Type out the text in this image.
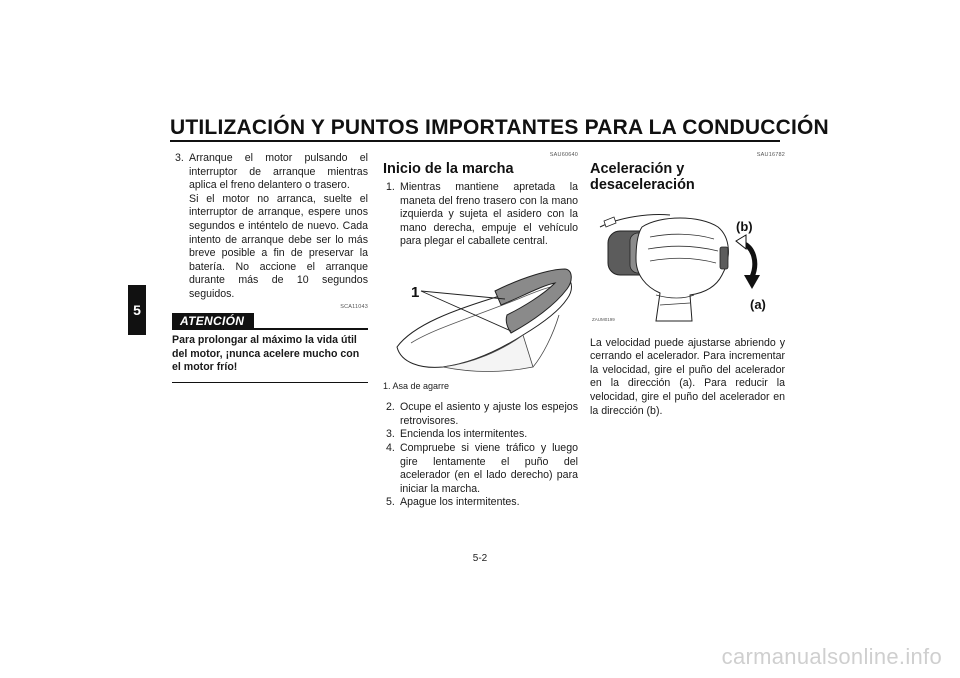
UTILIZACIÓN Y PUNTOS IMPORTANTES PARA LA CONDUCCIÓN
5
3. Arranque el motor pulsando el interruptor de arranque mientras aplica el freno delantero o trasero.
Si el motor no arranca, suelte el interruptor de arranque, espere unos segundos e inténtelo de nuevo. Cada intento de arranque debe ser lo más breve posible a fin de preservar la batería. No accione el arranque durante más de 10 segundos seguidos.
SCA11043
ATENCIÓN
Para prolongar al máximo la vida útil del motor, ¡nunca acelere mucho con el motor frío!
SAU60640
Inicio de la marcha
1. Mientras mantiene apretada la maneta del freno trasero con la mano izquierda y sujeta el asidero con la mano derecha, empuje el vehículo para plegar el caballete central.
1
1. Asa de agarre
2. Ocupe el asiento y ajuste los espejos retrovisores.
3. Encienda los intermitentes.
4. Compruebe si viene tráfico y luego gire lentamente el puño del acelerador (en el lado derecho) para iniciar la marcha.
5. Apague los intermitentes.
SAU16782
Aceleración y desaceleración
(b)
(a)
ZAUM0199
La velocidad puede ajustarse abriendo y cerrando el acelerador. Para incrementar la velocidad, gire el puño del acelerador en la dirección (a). Para reducir la velocidad, gire el puño del acelerador en la dirección (b).
5-2
carmanualsonline.info
